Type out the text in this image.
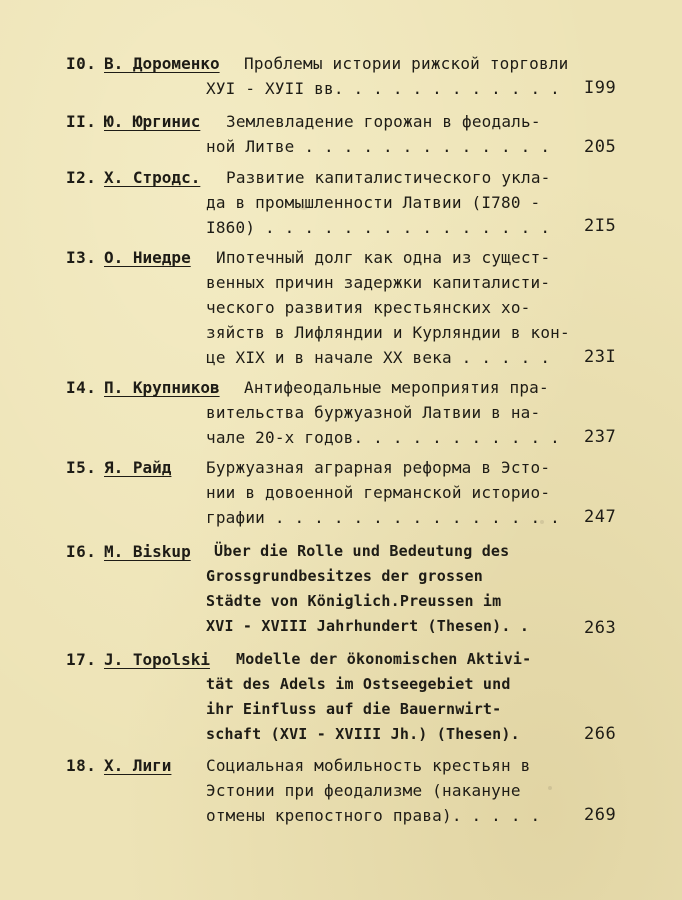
I0. В. Дороменко Проблемы истории рижской торговли
ХУI - ХУII вв. . . . . . . . . . . . I99
II. Ю. Юргинис Землевладение горожан в феодаль-
ной Литве . . . . . . . . . . . . . 205
I2. Х. Стродс. Развитие капиталистического укла-
да в промышленности Латвии (I780 -
I860) . . . . . . . . . . . . . . . 2I5
I3. О. Ниедре Ипотечный долг как одна из сущест-
венных причин задержки капиталисти-
ческого развития крестьянских хо-
зяйств в Лифляндии и Курляндии в кон-
це XIX и в начале XX века . . . . . 23I
I4. П. Крупников Антифеодальные мероприятия пра-
вительства буржуазной Латвии в на-
чале 20-х годов. . . . . . . . . . . 237
I5. Я. Райд Буржуазная аграрная реформа в Эсто-
нии в довоенной германской историо-
графии . . . . . . . . . . . . . . . 247
I6. M. Biskup Über die Rolle und Bedeutung des
Grossgrundbesitzes der grossen
Städte von Königlich.Preussen im
XVI - XVIII Jahrhundert (Thesen). .	263
17. J. Topolski Modelle der ökonomischen Aktivi-
tät des Adels im Ostseegebiet und
ihr Einfluss auf die Bauernwirt-
schaft (XVI - XVIII Jh.) (Thesen).	266
18. Х. Лиги Социальная мобильность крестьян в
Эстонии при феодализме (накануне
отмены крепостного права). . . . .	269
